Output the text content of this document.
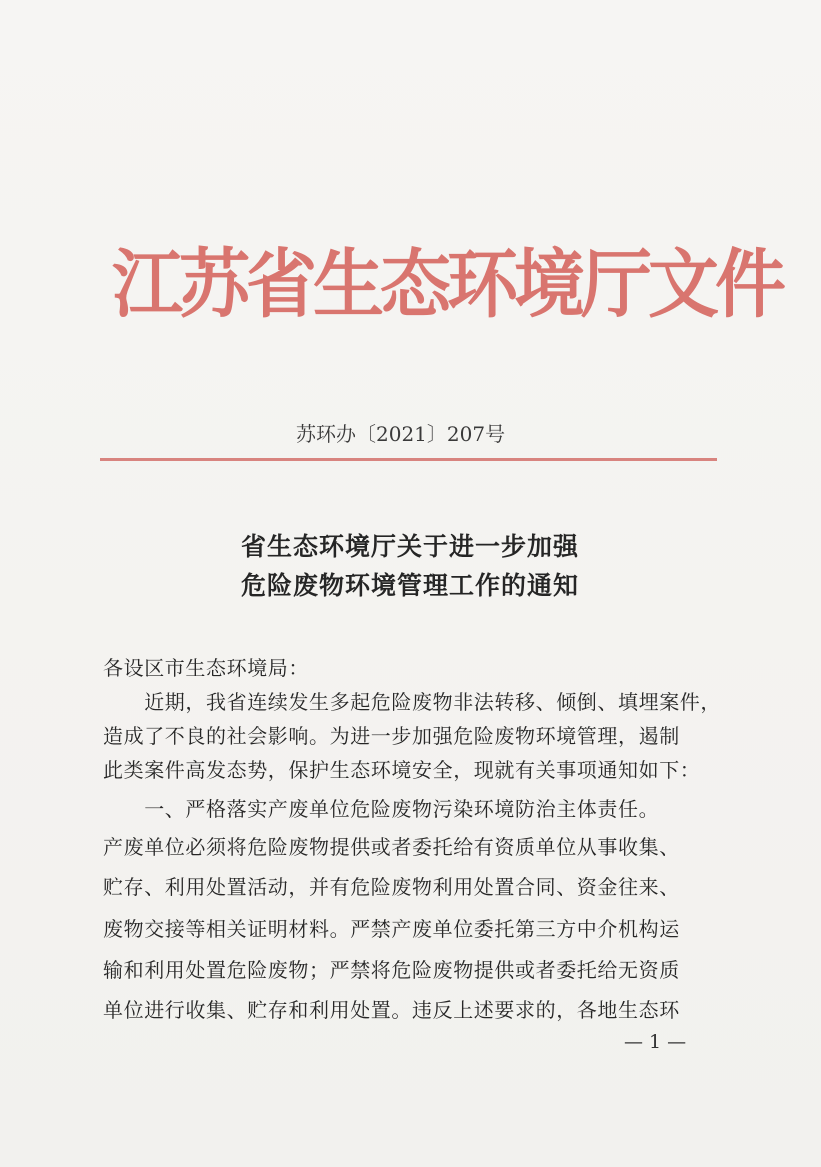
江苏省生态环境厅文件
苏环办〔2021〕207号
省生态环境厅关于进一步加强
危险废物环境管理工作的通知
各设区市生态环境局：
　　近期，我省连续发生多起危险废物非法转移、倾倒、填埋案件，
造成了不良的社会影响。为进一步加强危险废物环境管理，遏制
此类案件高发态势，保护生态环境安全，现就有关事项通知如下：
　　一、严格落实产废单位危险废物污染环境防治主体责任。
产废单位必须将危险废物提供或者委托给有资质单位从事收集、
贮存、利用处置活动，并有危险废物利用处置合同、资金往来、
废物交接等相关证明材料。严禁产废单位委托第三方中介机构运
输和利用处置危险废物；严禁将危险废物提供或者委托给无资质
单位进行收集、贮存和利用处置。违反上述要求的，各地生态环
— 1 —
